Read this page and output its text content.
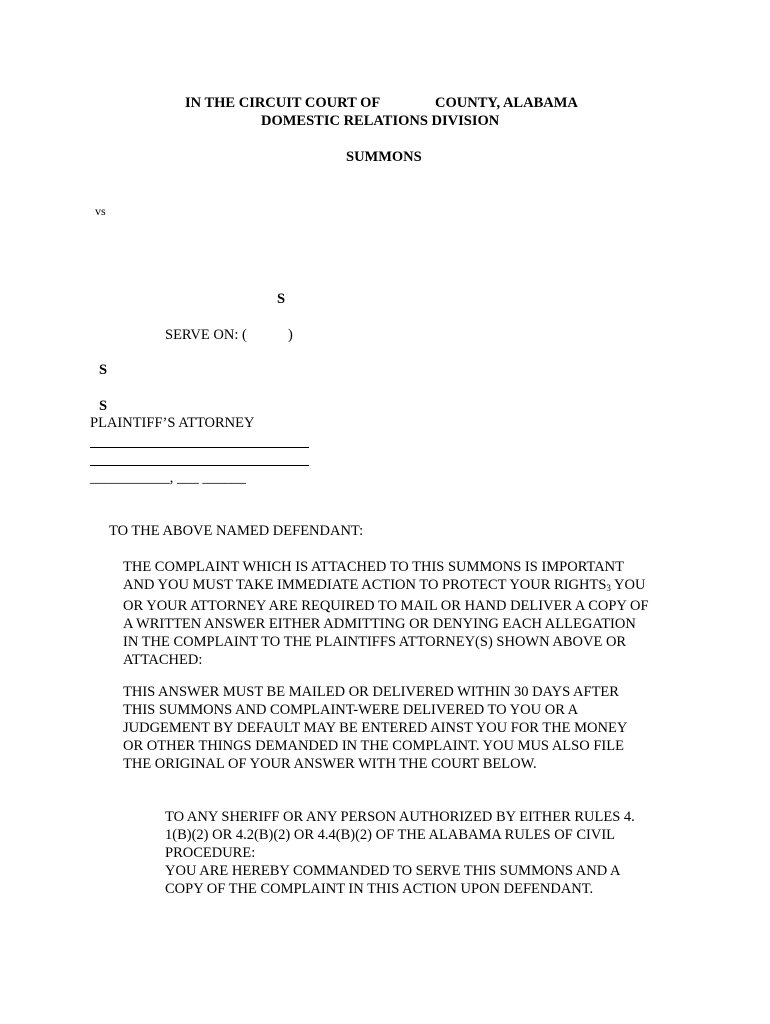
IN THE CIRCUIT COURT OF	COUNTY, ALABAMA
DOMESTIC RELATIONS DIVISION
SUMMONS
vs
S
SERVE ON: (	)
S
S
PLAINTIFF’S ATTORNEY
___________, ___ ______
TO THE ABOVE NAMED DEFENDANT:
THE COMPLAINT WHICH IS ATTACHED TO THIS SUMMONS IS IMPORTANT
AND YOU MUST TAKE IMMEDIATE ACTION TO PROTECT YOUR $RIGHTS_3$ YOU
OR YOUR ATTORNEY ARE REQUIRED TO MAIL OR HAND DELIVER A COPY OF
A WRITTEN ANSWER EITHER ADMITTING OR DENYING EACH ALLEGATION
IN THE COMPLAINT TO THE PLAINTIFFS ATTORNEY(S) SHOWN ABOVE OR
ATTACHED:
THIS ANSWER MUST BE MAILED OR DELIVERED WITHIN 30 DAYS AFTER
THIS SUMMONS AND COMPLAINT-WERE DELIVERED TO YOU OR A
JUDGEMENT BY DEFAULT MAY BE ENTERED AINST YOU FOR THE MONEY
OR OTHER THINGS DEMANDED IN THE COMPLAINT. YOU MUS ALSO FILE
THE ORIGINAL OF YOUR ANSWER WITH THE COURT BELOW.
TO ANY SHERIFF OR ANY PERSON AUTHORIZED BY EITHER RULES 4.
1(B)(2) OR 4.2(B)(2) OR 4.4(B)(2) OF THE ALABAMA RULES OF CIVIL
PROCEDURE:
YOU ARE HEREBY COMMANDED TO SERVE THIS SUMMONS AND A
COPY OF THE COMPLAINT IN THIS ACTION UPON DEFENDANT.
